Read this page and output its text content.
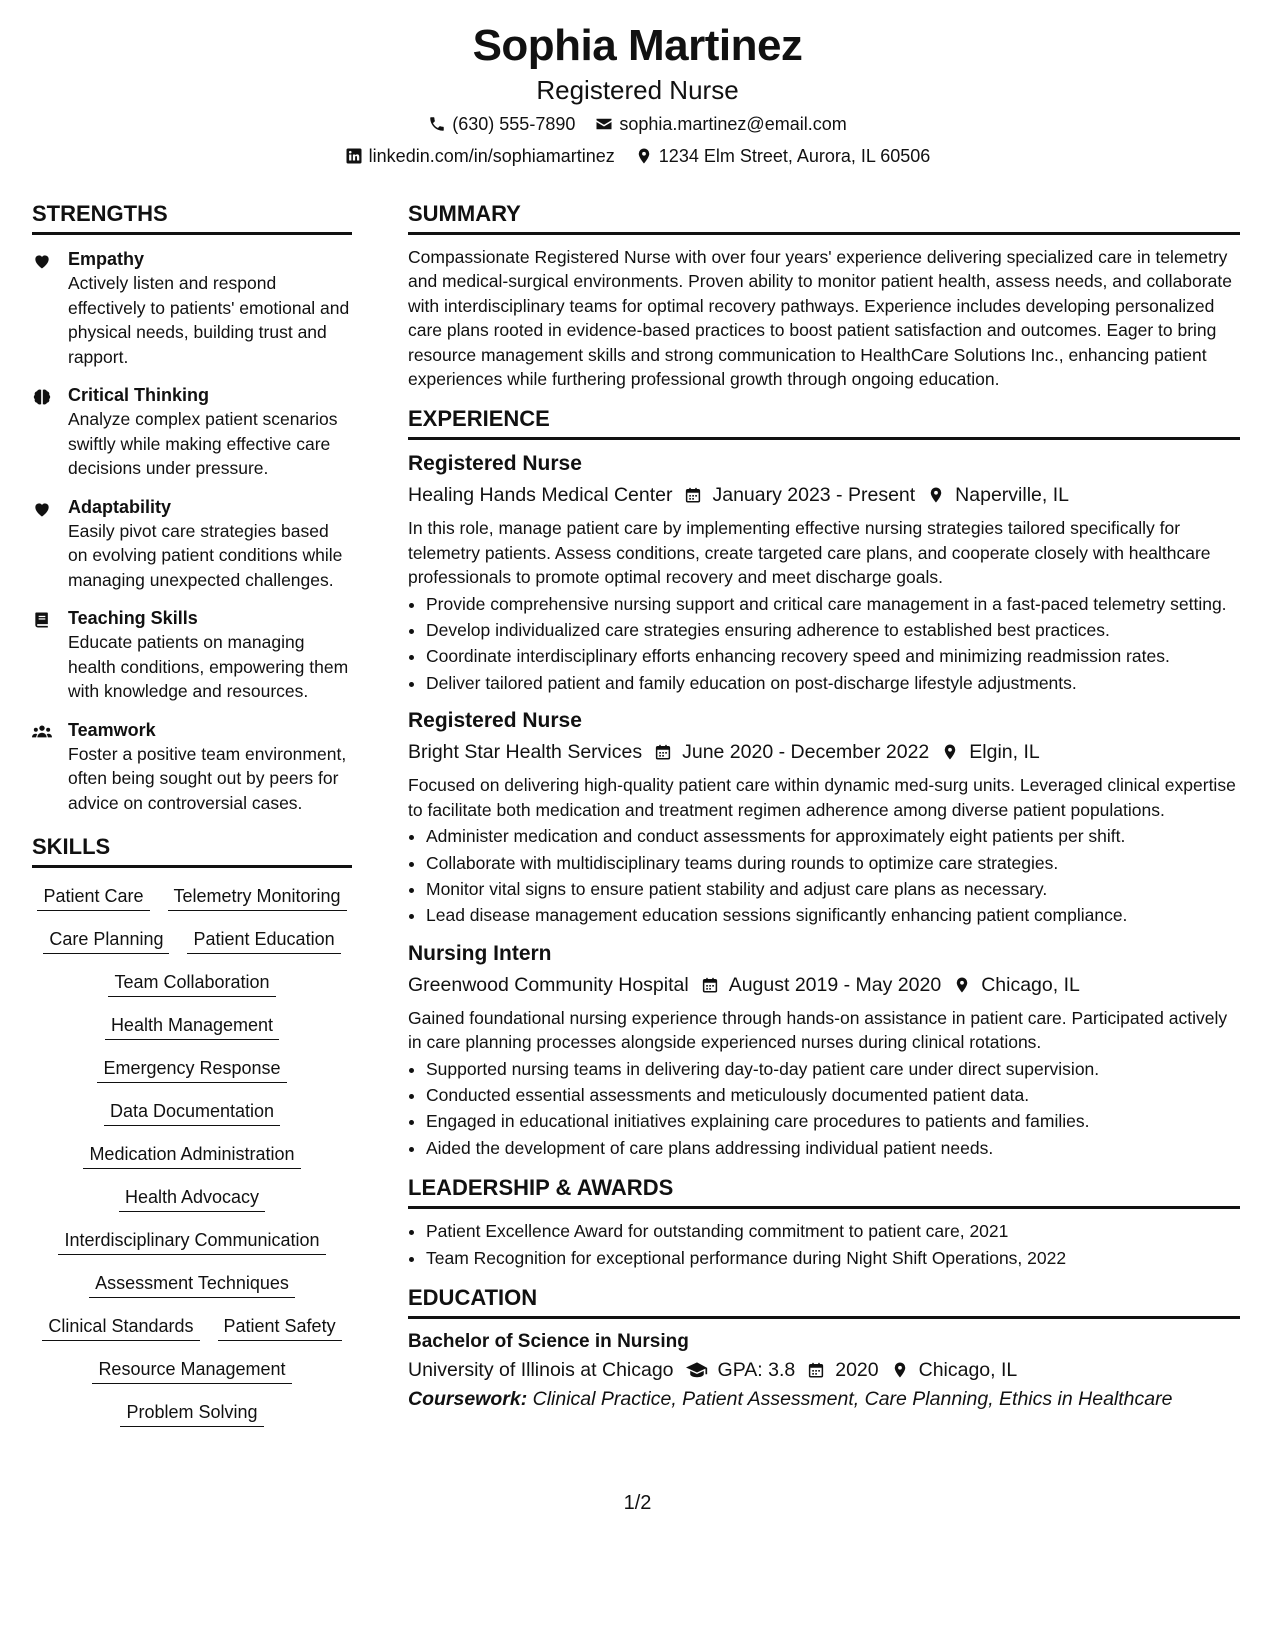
Sophia Martinez
Registered Nurse
(630) 555-7890 sophia.martinez@email.com
linkedin.com/in/sophiamartinez 1234 Elm Street, Aurora, IL 60506
STRENGTHS
Empathy
Actively listen and respond effectively to patients' emotional and physical needs, building trust and rapport.
Critical Thinking
Analyze complex patient scenarios swiftly while making effective care decisions under pressure.
Adaptability
Easily pivot care strategies based on evolving patient conditions while managing unexpected challenges.
Teaching Skills
Educate patients on managing health conditions, empowering them with knowledge and resources.
Teamwork
Foster a positive team environment, often being sought out by peers for advice on controversial cases.
SKILLS
Patient Care	Telemetry Monitoring
Care Planning	Patient Education
Team Collaboration
Health Management
Emergency Response
Data Documentation
Medication Administration
Health Advocacy
Interdisciplinary Communication
Assessment Techniques
Clinical Standards	Patient Safety
Resource Management
Problem Solving
SUMMARY

Compassionate Registered Nurse with over four years' experience delivering specialized care in telemetry and medical-surgical environments. Proven ability to monitor patient health, assess needs, and collaborate with interdisciplinary teams for optimal recovery pathways. Experience includes developing personalized care plans rooted in evidence-based practices to boost patient satisfaction and outcomes. Eager to bring resource management skills and strong communication to HealthCare Solutions Inc., enhancing patient experiences while furthering professional growth through ongoing education.

EXPERIENCE
Registered Nurse
Healing Hands Medical Center January 2023 - Present Naperville, IL

In this role, manage patient care by implementing effective nursing strategies tailored specifically for telemetry patients. Assess conditions, create targeted care plans, and cooperate closely with healthcare professionals to promote optimal recovery and meet discharge goals.

• Provide comprehensive nursing support and critical care management in a fast-paced telemetry setting.
• Develop individualized care strategies ensuring adherence to established best practices.
• Coordinate interdisciplinary efforts enhancing recovery speed and minimizing readmission rates.
• Deliver tailored patient and family education on post-discharge lifestyle adjustments.
Registered Nurse
Bright Star Health Services June 2020 - December 2022 Elgin, IL

Focused on delivering high-quality patient care within dynamic med-surg units. Leveraged clinical expertise to facilitate both medication and treatment regimen adherence among diverse patient populations.

• Administer medication and conduct assessments for approximately eight patients per shift.
• Collaborate with multidisciplinary teams during rounds to optimize care strategies.
• Monitor vital signs to ensure patient stability and adjust care plans as necessary.
• Lead disease management education sessions significantly enhancing patient compliance.
Nursing Intern
Greenwood Community Hospital August 2019 - May 2020 Chicago, IL

Gained foundational nursing experience through hands-on assistance in patient care. Participated actively in care planning processes alongside experienced nurses during clinical rotations.

• Supported nursing teams in delivering day-to-day patient care under direct supervision.
• Conducted essential assessments and meticulously documented patient data.
• Engaged in educational initiatives explaining care procedures to patients and families.
• Aided the development of care plans addressing individual patient needs.
LEADERSHIP & AWARDS
• Patient Excellence Award for outstanding commitment to patient care, 2021
• Team Recognition for exceptional performance during Night Shift Operations, 2022
EDUCATION
Bachelor of Science in Nursing
University of Illinois at Chicago GPA: 3.8 2020 Chicago, IL
Coursework: Clinical Practice, Patient Assessment, Care Planning, Ethics in Healthcare
1/2
